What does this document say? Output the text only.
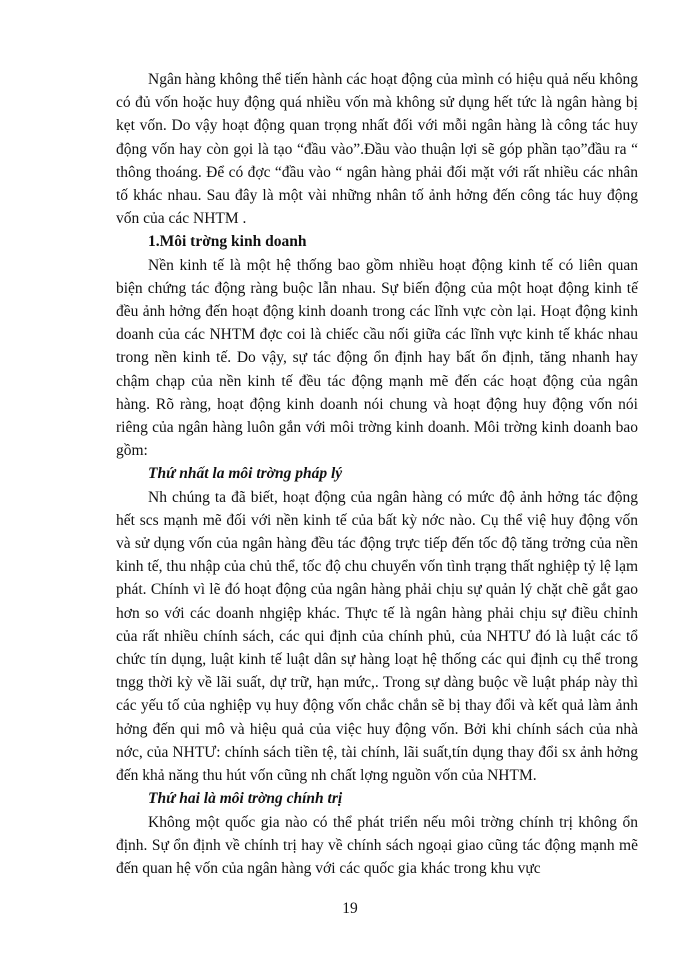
Ngân hàng không thể tiến hành các hoạt động của mình có hiệu quả nếu không có đủ vốn hoặc huy động quá nhiều vốn mà không sử dụng hết tức là ngân hàng bị kẹt vốn. Do vậy hoạt động quan trọng nhất đối với mỗi ngân hàng là công tác huy động vốn hay còn gọi là tạo “đầu vào”.Đầu vào thuận lợi sẽ góp phần tạo”đầu ra “ thông thoáng. Để có đợc “đầu vào “ ngân hàng phải đối mặt với rất nhiều các nhân tố khác nhau. Sau đây là một vài những nhân tố ảnh hởng đến công tác huy động vốn của các NHTM .

1.Môi trờng kinh doanh

Nền kinh tế là một hệ thống bao gồm nhiều hoạt động kinh tế có liên quan biện chứng tác động ràng buộc lẫn nhau. Sự biến động của một hoạt động kinh tế đều ảnh hởng đến hoạt động kinh doanh trong các lĩnh vực còn lại. Hoạt động kinh doanh của các NHTM đợc coi là chiếc cầu nối giữa các lĩnh vực kinh tế khác nhau trong nền kinh tế. Do vậy, sự tác động ổn định hay bất ổn định, tăng nhanh hay chậm chạp của nền kinh tế đều tác động mạnh mẽ đến các hoạt động của ngân hàng. Rõ ràng, hoạt động kinh doanh nói chung và hoạt động huy động vốn nói riêng của ngân hàng luôn gắn với môi trờng kinh doanh. Môi trờng kinh doanh bao gồm:

Thứ nhất la môi trờng pháp lý

Nh chúng ta đã biết, hoạt động của ngân hàng có mức độ ảnh hởng tác động hết scs mạnh mẽ đối với nền kinh tế của bất kỳ nớc nào. Cụ thể việ huy động vốn và sử dụng vốn của ngân hàng đều tác động trực tiếp đến tốc độ tăng trởng của nền kinh tế, thu nhập của chủ thể, tốc độ chu chuyển vốn tình trạng thất nghiệp tỷ lệ lạm phát. Chính vì lẽ đó hoạt động của ngân hàng phải chịu sự quản lý chặt chẽ gắt gao hơn so với các doanh nhgiệp khác. Thực tế là ngân hàng phải chịu sự điều chỉnh của rất nhiều chính sách, các qui định của chính phủ, của NHTƯ đó là luật các tổ chức tín dụng, luật kinh tế luật dân sự hàng loạt hệ thống các qui định cụ thể trong tngg thời kỳ về lãi suất, dự trữ, hạn mức,. Trong sự dàng buộc về luật pháp này thì các yếu tố của nghiệp vụ huy động vốn chắc chắn sẽ bị thay đổi và kết quả làm ảnh hởng đến qui mô và hiệu quả của việc huy động vốn. Bởi khi chính sách của nhà nớc, của NHTƯ: chính sách tiền tệ, tài chính, lãi suất,tín dụng thay đổi sx ảnh hởng đến khả năng thu hút vốn cũng nh chất lợng nguồn vốn của NHTM.

Thứ hai là môi trờng chính trị

Không một quốc gia nào có thể phát triển nếu môi trờng chính trị không ổn định. Sự ổn định về chính trị hay về chính sách ngoại giao cũng tác động mạnh mẽ đến quan hệ vốn của ngân hàng với các quốc gia khác trong khu vực

19
